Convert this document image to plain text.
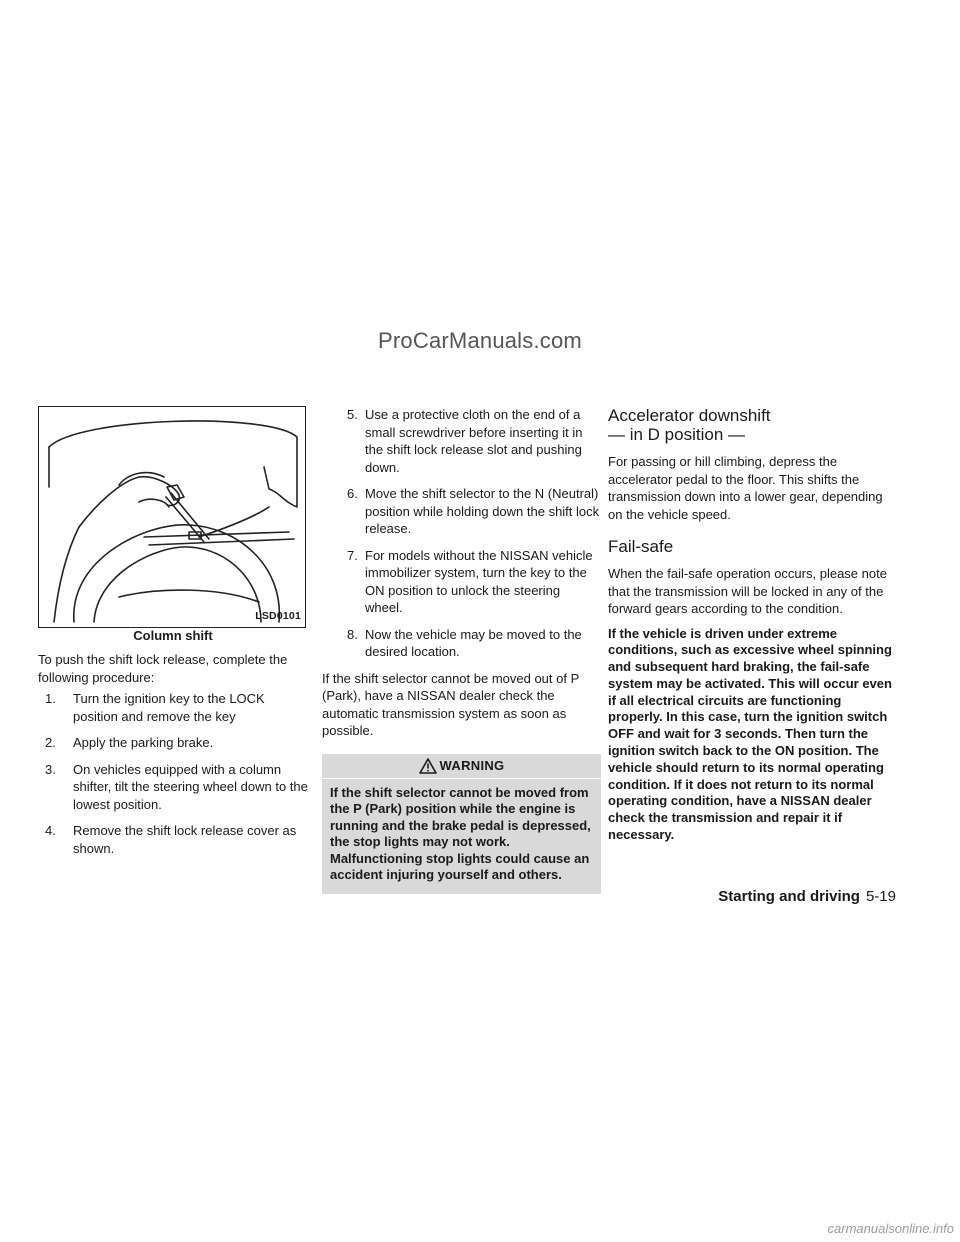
ProCarManuals.com
LSD0101
Column shift

To push the shift lock release, complete the following procedure:

1. Turn the ignition key to the LOCK position and remove the key
2. Apply the parking brake.
3. On vehicles equipped with a column shifter, tilt the steering wheel down to the lowest position.
4. Remove the shift lock release cover as shown.
5. Use a protective cloth on the end of a small screwdriver before inserting it in the shift lock release slot and pushing down.
6. Move the shift selector to the N (Neutral) position while holding down the shift lock release.
7. For models without the NISSAN vehicle immobilizer system, turn the key to the ON position to unlock the steering wheel.
8. Now the vehicle may be moved to the desired location.

If the shift selector cannot be moved out of P (Park), have a NISSAN dealer check the automatic transmission system as soon as possible.

WARNING
If the shift selector cannot be moved from the P (Park) position while the engine is running and the brake pedal is depressed, the stop lights may not work. Malfunctioning stop lights could cause an accident injuring yourself and others.
Accelerator downshift
— in D position —

For passing or hill climbing, depress the accelerator pedal to the floor. This shifts the transmission down into a lower gear, depending on the vehicle speed.

Fail-safe

When the fail-safe operation occurs, please note that the transmission will be locked in any of the forward gears according to the condition.

If the vehicle is driven under extreme conditions, such as excessive wheel spinning and subsequent hard braking, the fail-safe system may be activated. This will occur even if all electrical circuits are functioning properly. In this case, turn the ignition switch OFF and wait for 3 seconds. Then turn the ignition switch back to the ON position. The vehicle should return to its normal operating condition. If it does not return to its normal operating condition, have a NISSAN dealer check the transmission and repair it if necessary.

Starting and driving 5-19
carmanualsonline.info
